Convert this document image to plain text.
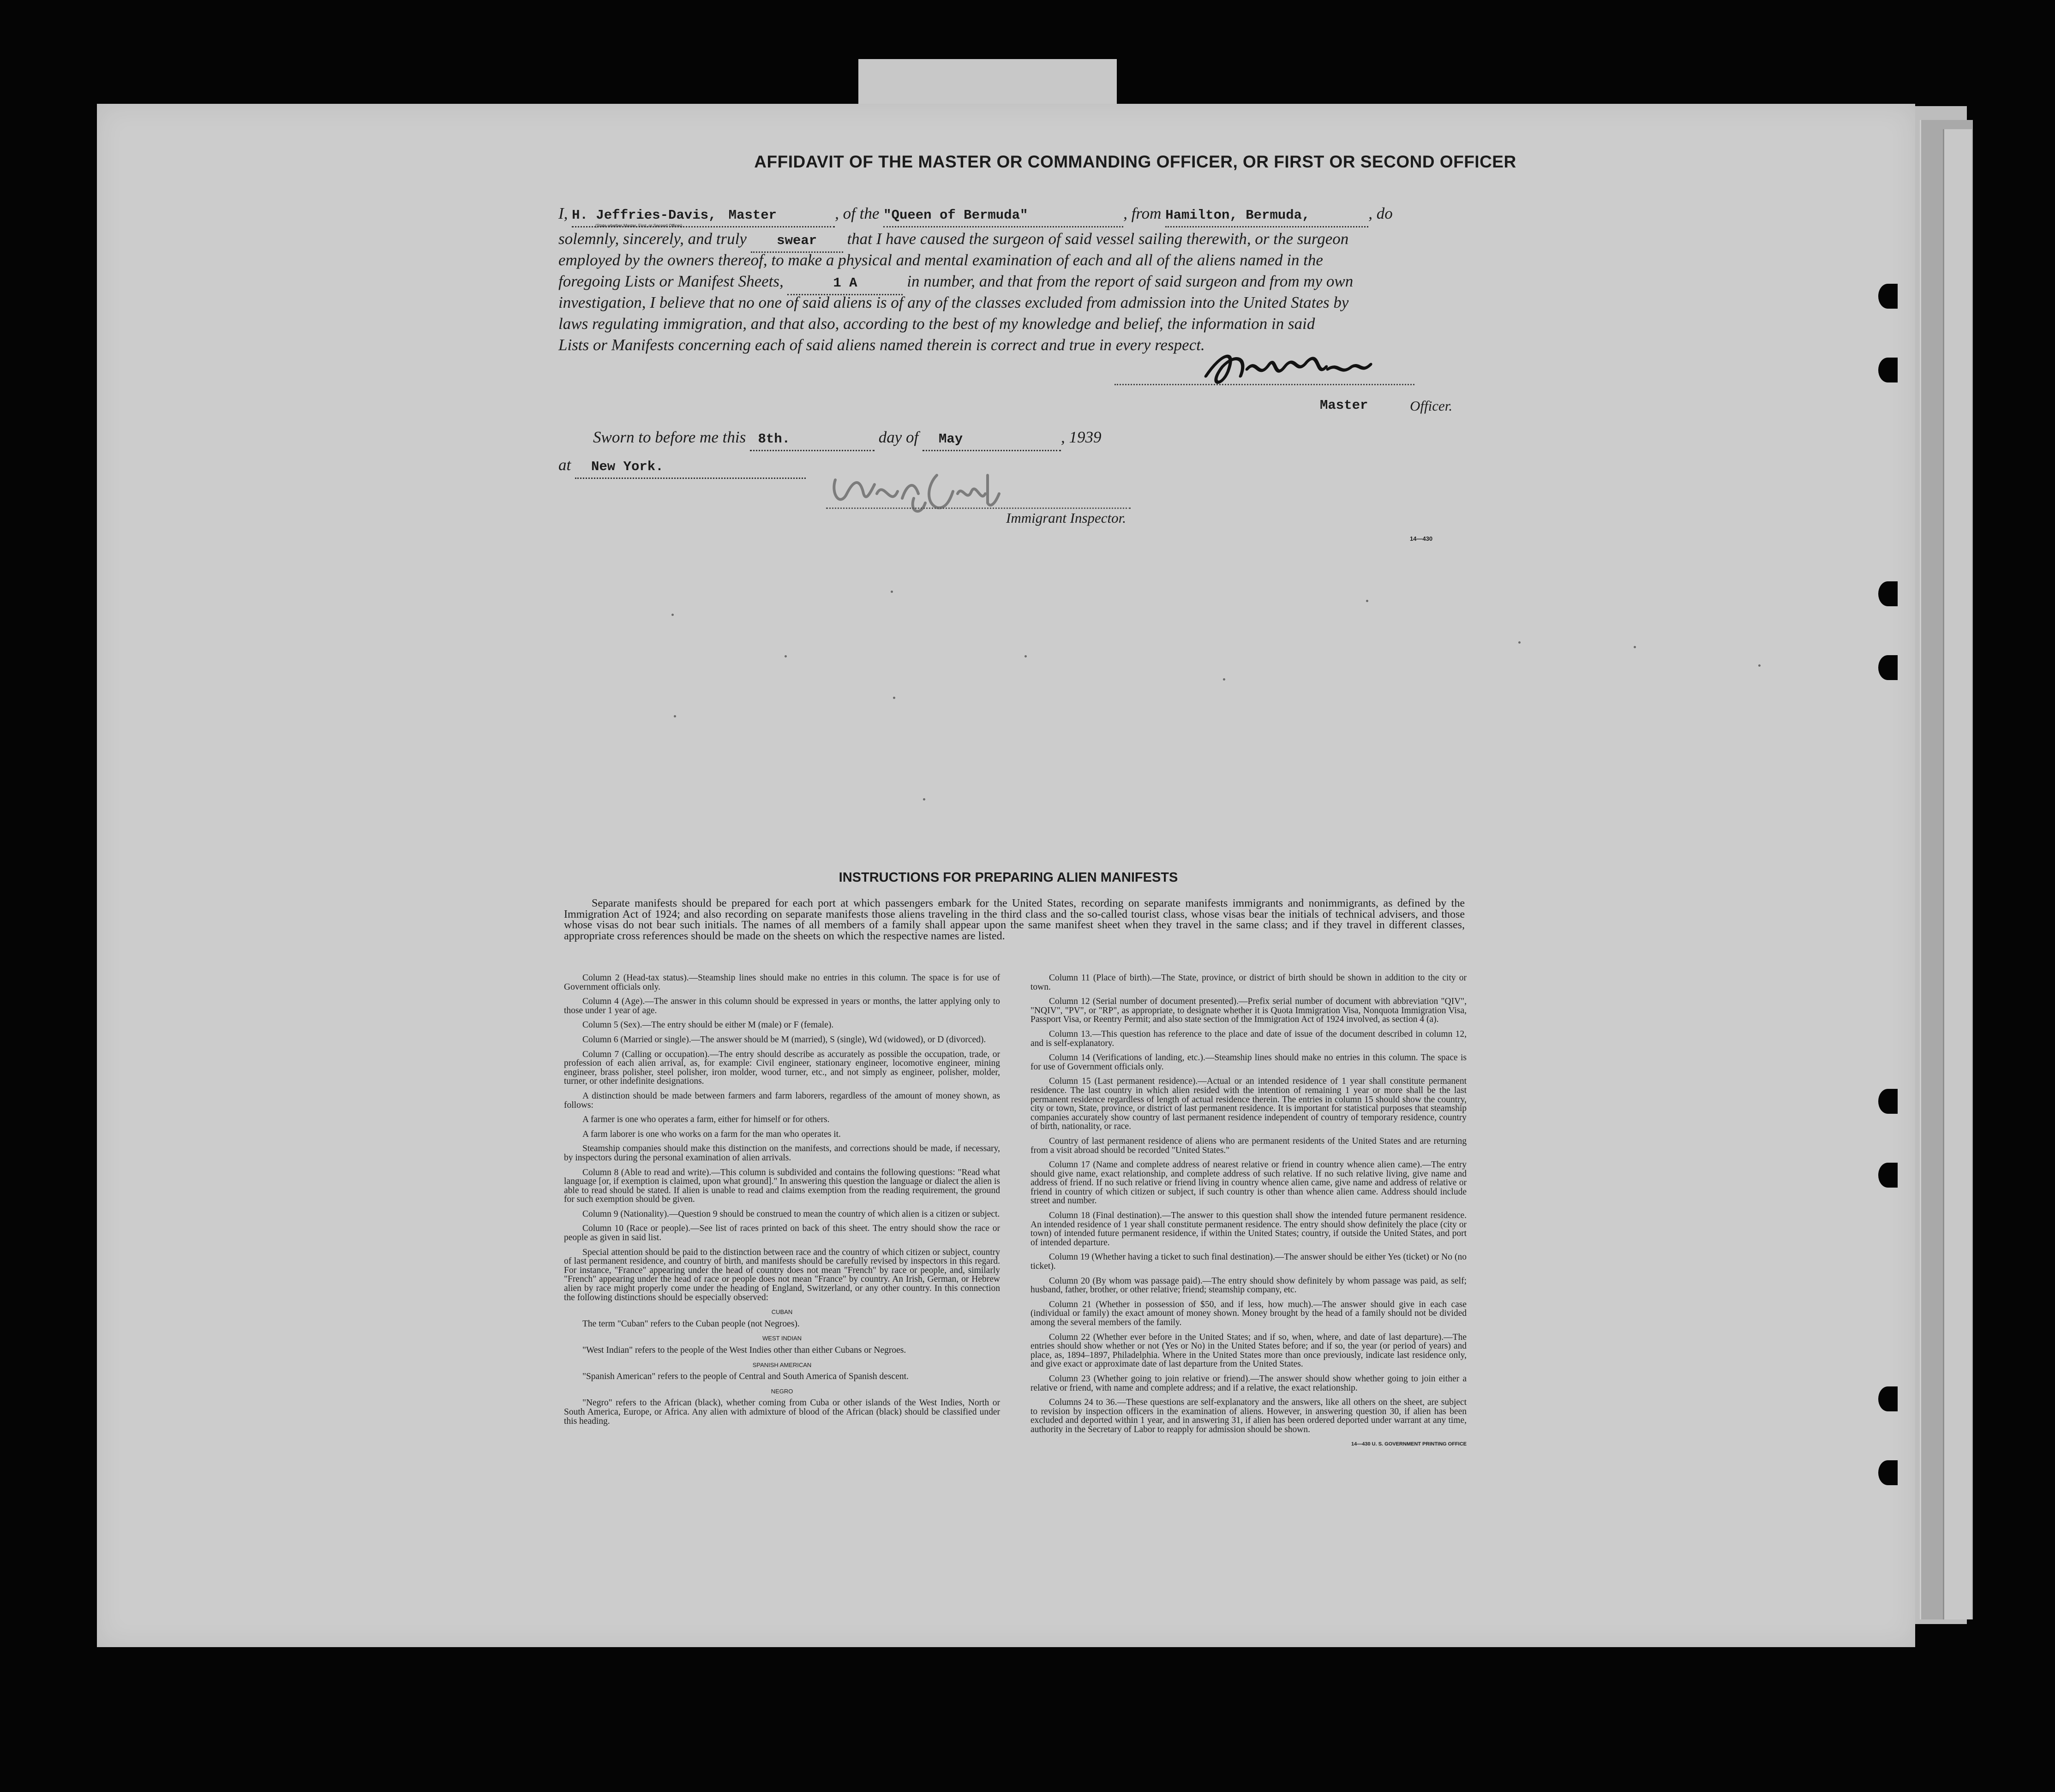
AFFIDAVIT OF THE MASTER OR COMMANDING OFFICER, OR FIRST OR SECOND OFFICER
I, H. Jeffries-Davis, Master	, of the "Queen of Bermuda"	, from Hamilton, Bermuda,	, do
(State whether Master, First, or Second Officer)
solemnly, sincerely, and truly swear that I have caused the surgeon of said vessel sailing therewith, or the surgeon
employed by the owners thereof, to make a physical and mental examination of each and all of the aliens named in the
foregoing Lists or Manifest Sheets,	1 A	in number, and that from the report of said surgeon and from my own
investigation, I believe that no one of said aliens is of any of the classes excluded from admission into the United States by
laws regulating immigration, and that also, according to the best of my knowledge and belief, the information in said
Lists or Manifests concerning each of said aliens named therein is correct and true in every respect.
Master	Officer.
Sworn to before me this 8th.	day of May	, 1939
at New York.
Immigrant Inspector.
14—430
INSTRUCTIONS FOR PREPARING ALIEN MANIFESTS
Separate manifests should be prepared for each port at which passengers embark for the United States, recording on separate manifests immigrants and nonimmigrants, as defined by the Immigration Act of 1924; and also recording on separate manifests those aliens traveling in the third class and the so-called tourist class, whose visas bear the initials of technical advisers, and those whose visas do not bear such initials. The names of all members of a family shall appear upon the same manifest sheet when they travel in the same class; and if they travel in different classes, appropriate cross references should be made on the sheets on which the respective names are listed.

Column 2 (Head-tax status).—Steamship lines should make no entries in this column. The space is for use of Government officials only.

Column 4 (Age).—The answer in this column should be expressed in years or months, the latter applying only to those under 1 year of age.

Column 5 (Sex).—The entry should be either M (male) or F (female).

Column 6 (Married or single).—The answer should be M (married), S (single), Wd (widowed), or D (divorced).

Column 7 (Calling or occupation).—The entry should describe as accurately as possible the occupation, trade, or profession of each alien arrival, as, for example: Civil engineer, stationary engineer, locomotive engineer, mining engineer, brass polisher, steel polisher, iron molder, wood turner, etc., and not simply as engineer, polisher, molder, turner, or other indefinite designations.

A distinction should be made between farmers and farm laborers, regardless of the amount of money shown, as follows:

A farmer is one who operates a farm, either for himself or for others.

A farm laborer is one who works on a farm for the man who operates it.

Steamship companies should make this distinction on the manifests, and corrections should be made, if necessary, by inspectors during the personal examination of alien arrivals.

Column 8 (Able to read and write).—This column is subdivided and contains the following questions: "Read what language [or, if exemption is claimed, upon what ground]." In answering this question the language or dialect the alien is able to read should be stated. If alien is unable to read and claims exemption from the reading requirement, the ground for such exemption should be given.

Column 9 (Nationality).—Question 9 should be construed to mean the country of which alien is a citizen or subject.

Column 10 (Race or people).—See list of races printed on back of this sheet. The entry should show the race or people as given in said list.

Special attention should be paid to the distinction between race and the country of which citizen or subject, country of last permanent residence, and country of birth, and manifests should be carefully revised by inspectors in this regard. For instance, "France" appearing under the head of country does not mean "French" by race or people, and, similarly "French" appearing under the head of race or people does not mean "France" by country. An Irish, German, or Hebrew alien by race might properly come under the heading of England, Switzerland, or any other country. In this connection the following distinctions should be especially observed:

CUBAN

The term "Cuban" refers to the Cuban people (not Negroes).

WEST INDIAN

"West Indian" refers to the people of the West Indies other than either Cubans or Negroes.

SPANISH AMERICAN

"Spanish American" refers to the people of Central and South America of Spanish descent.

NEGRO

"Negro" refers to the African (black), whether coming from Cuba or other islands of the West Indies, North or South America, Europe, or Africa. Any alien with admixture of blood of the African (black) should be classified under this heading.

Column 11 (Place of birth).—The State, province, or district of birth should be shown in addition to the city or town.

Column 12 (Serial number of document presented).—Prefix serial number of document with abbreviation "QIV", "NQIV", "PV", or "RP", as appropriate, to designate whether it is Quota Immigration Visa, Nonquota Immigration Visa, Passport Visa, or Reentry Permit; and also state section of the Immigration Act of 1924 involved, as section 4 (a).

Column 13.—This question has reference to the place and date of issue of the document described in column 12, and is self-explanatory.

Column 14 (Verifications of landing, etc.).—Steamship lines should make no entries in this column. The space is for use of Government officials only.

Column 15 (Last permanent residence).—Actual or an intended residence of 1 year shall constitute permanent residence. The last country in which alien resided with the intention of remaining 1 year or more shall be the last permanent residence regardless of length of actual residence therein. The entries in column 15 should show the country, city or town, State, province, or district of last permanent residence. It is important for statistical purposes that steamship companies accurately show country of last permanent residence independent of country of temporary residence, country of birth, nationality, or race.

Country of last permanent residence of aliens who are permanent residents of the United States and are returning from a visit abroad should be recorded "United States."

Column 17 (Name and complete address of nearest relative or friend in country whence alien came).—The entry should give name, exact relationship, and complete address of such relative. If no such relative living, give name and address of friend. If no such relative or friend living in country whence alien came, give name and address of relative or friend in country of which citizen or subject, if such country is other than whence alien came. Address should include street and number.

Column 18 (Final destination).—The answer to this question shall show the intended future permanent residence. An intended residence of 1 year shall constitute permanent residence. The entry should show definitely the place (city or town) of intended future permanent residence, if within the United States; country, if outside the United States, and port of intended departure.

Column 19 (Whether having a ticket to such final destination).—The answer should be either Yes (ticket) or No (no ticket).

Column 20 (By whom was passage paid).—The entry should show definitely by whom passage was paid, as self; husband, father, brother, or other relative; friend; steamship company, etc.

Column 21 (Whether in possession of $50, and if less, how much).—The answer should give in each case (individual or family) the exact amount of money shown. Money brought by the head of a family should not be divided among the several members of the family.

Column 22 (Whether ever before in the United States; and if so, when, where, and date of last departure).—The entries should show whether or not (Yes or No) in the United States before; and if so, the year (or period of years) and place, as, 1894–1897, Philadelphia. Where in the United States more than once previously, indicate last residence only, and give exact or approximate date of last departure from the United States.

Column 23 (Whether going to join relative or friend).—The answer should show whether going to join either a relative or friend, with name and complete address; and if a relative, the exact relationship.

Columns 24 to 36.—These questions are self-explanatory and the answers, like all others on the sheet, are subject to revision by inspection officers in the examination of aliens. However, in answering question 30, if alien has been excluded and deported within 1 year, and in answering 31, if alien has been ordered deported under warrant at any time, authority in the Secretary of Labor to reapply for admission should be shown.

14—430 U. S. GOVERNMENT PRINTING OFFICE
